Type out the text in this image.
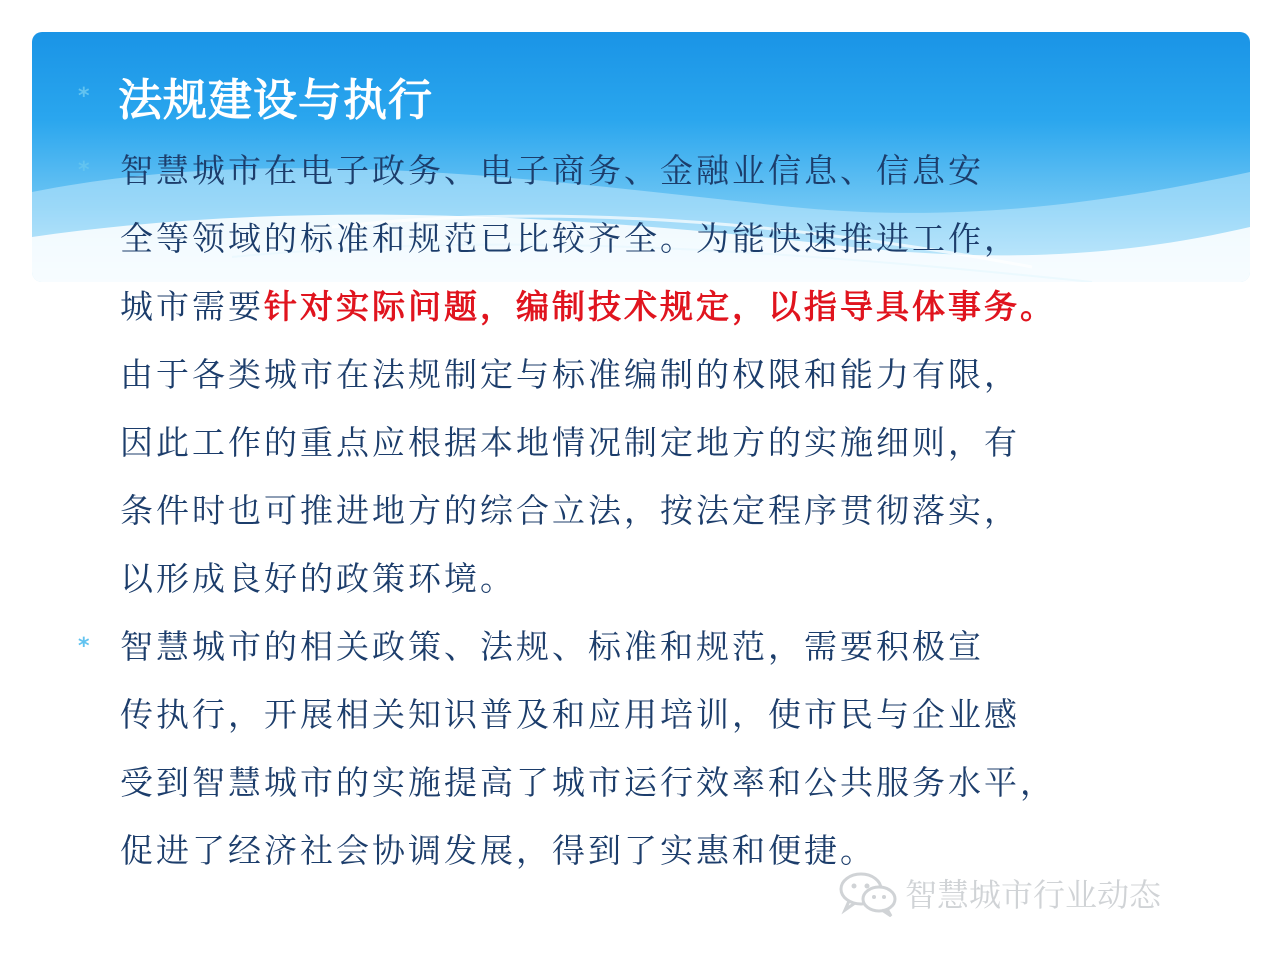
* 法规建设与执行
* 智慧城市在电子政务、电子商务、金融业信息、信息安
全等领域的标准和规范已比较齐全。为能快速推进工作，
城市需要针对实际问题，编制技术规定，以指导具体事务。
由于各类城市在法规制定与标准编制的权限和能力有限，
因此工作的重点应根据本地情况制定地方的实施细则，有
条件时也可推进地方的综合立法，按法定程序贯彻落实，
以形成良好的政策环境。
* 智慧城市的相关政策、法规、标准和规范，需要积极宣
传执行，开展相关知识普及和应用培训，使市民与企业感
受到智慧城市的实施提高了城市运行效率和公共服务水平，
促进了经济社会协调发展，得到了实惠和便捷。
智慧城市行业动态
